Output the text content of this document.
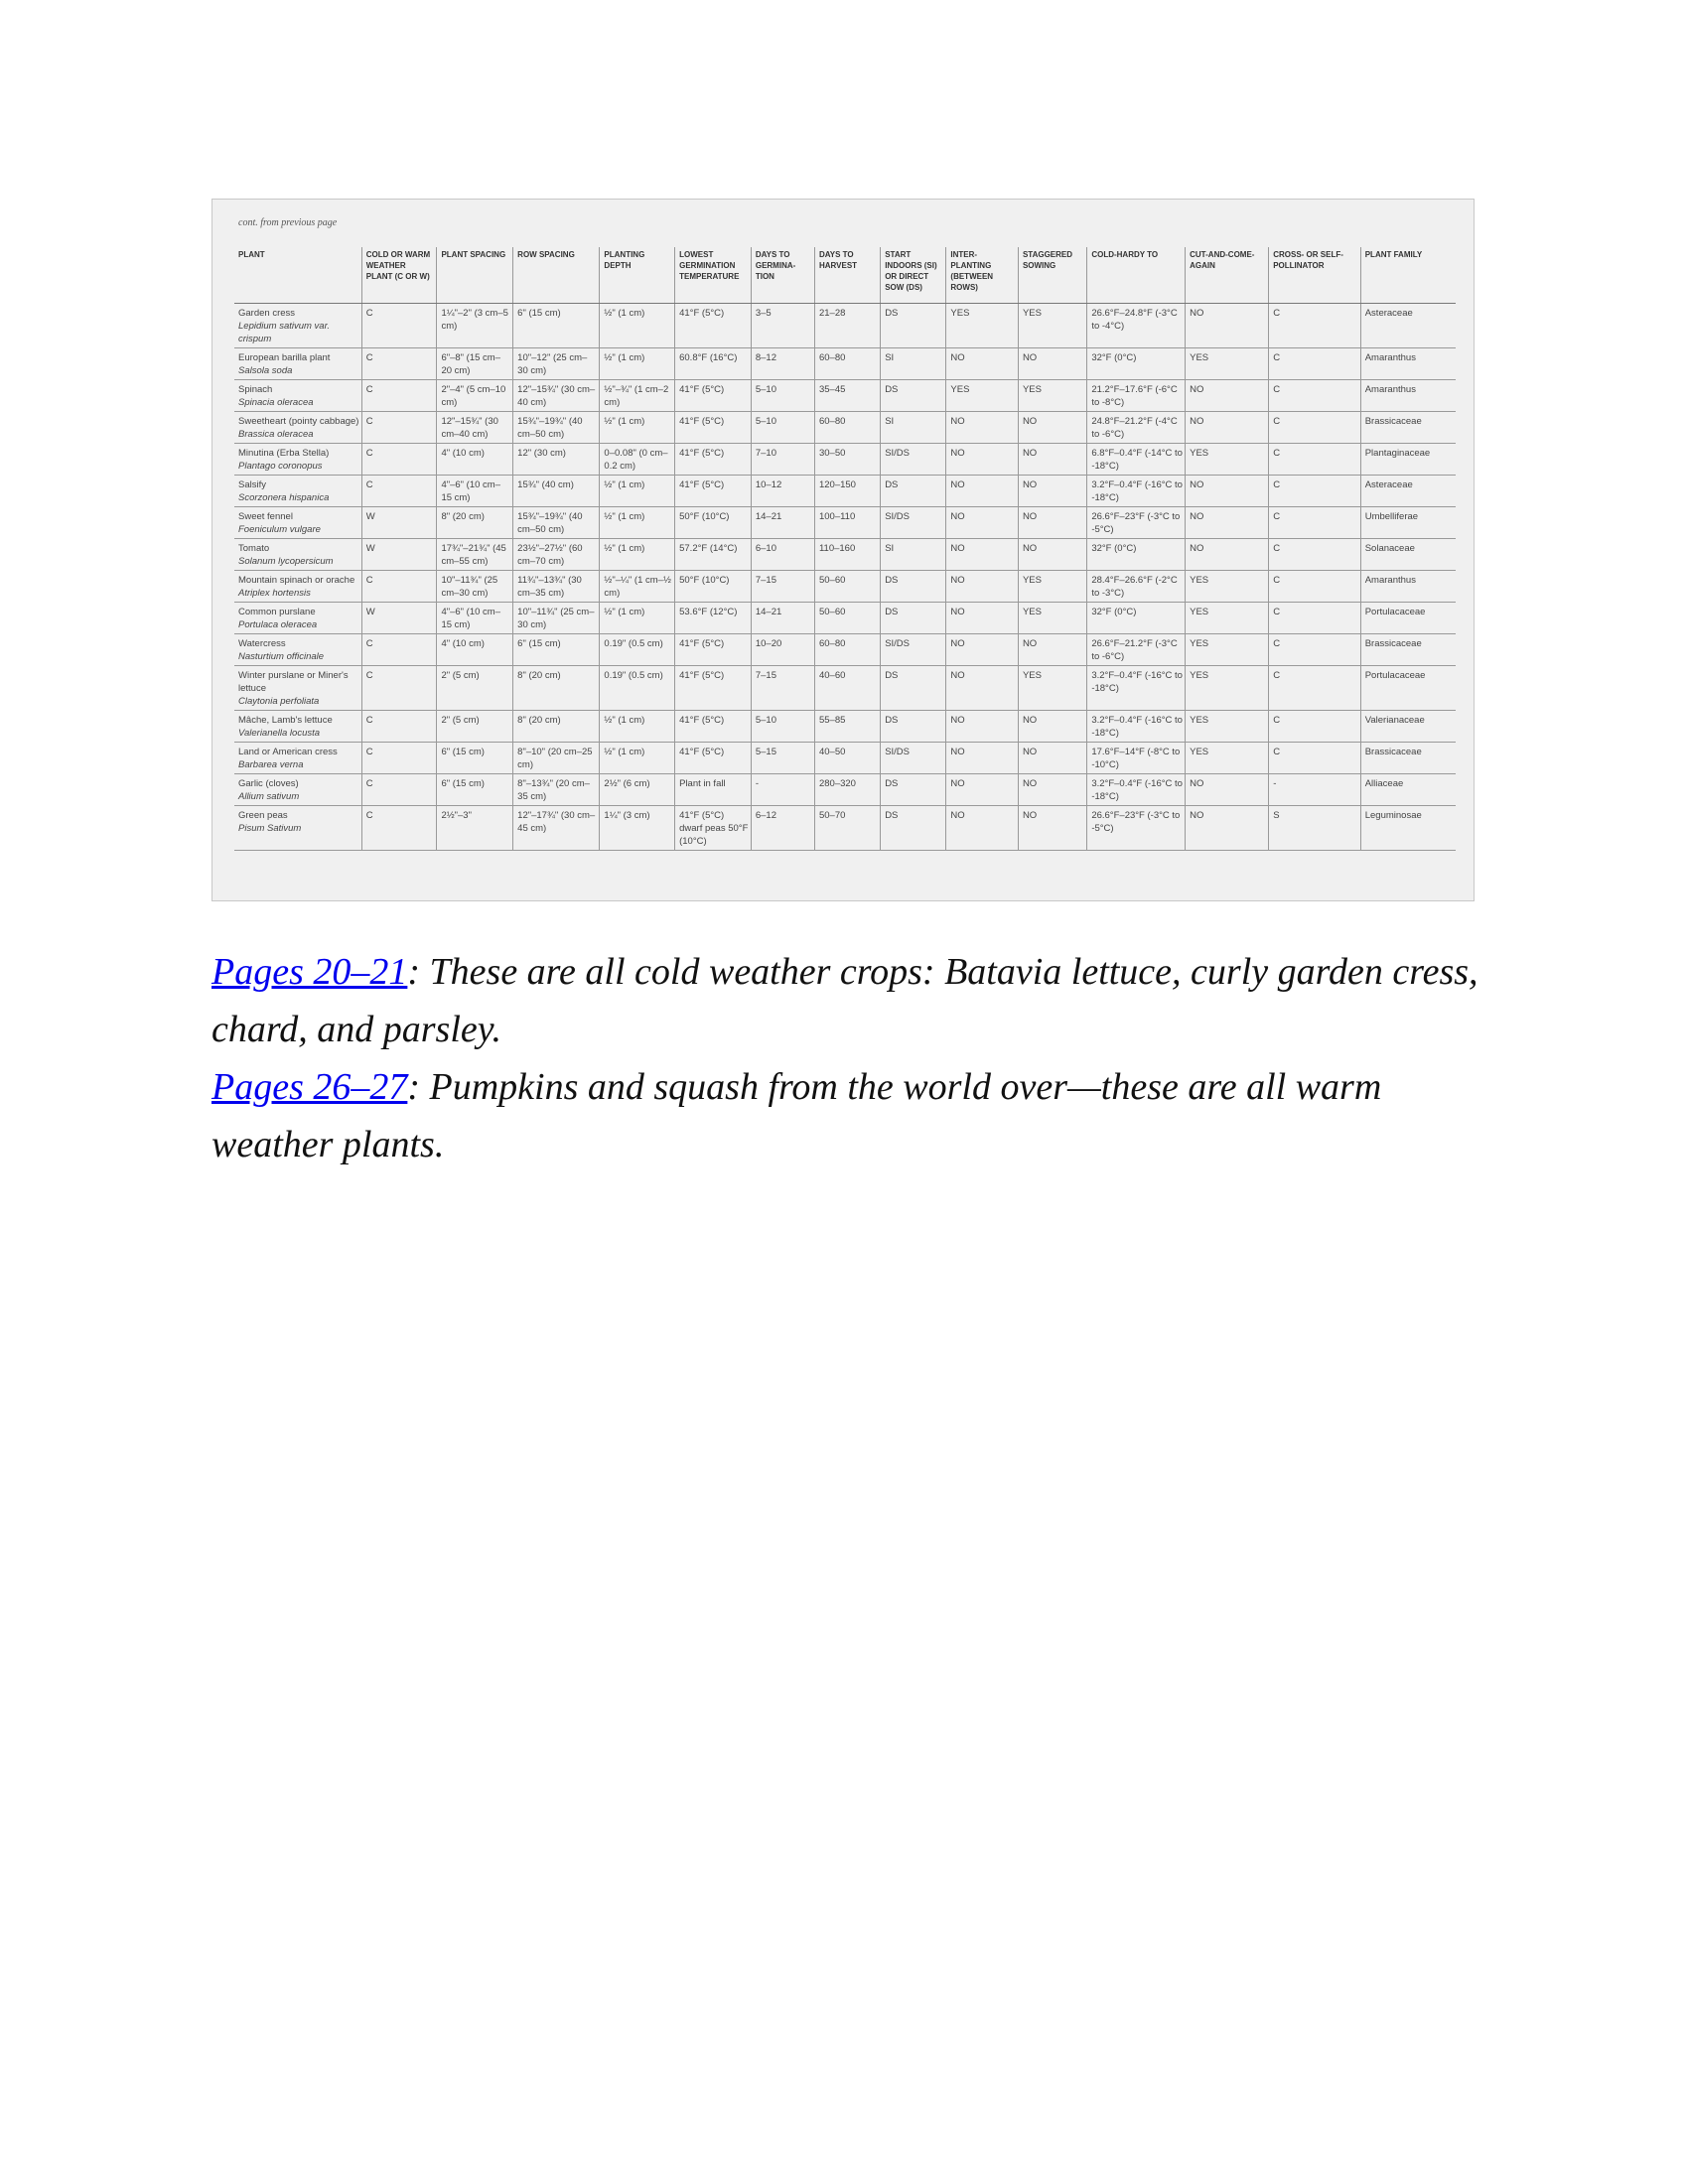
cont. from previous page
PLANT	COLD OR WARM WEATHER PLANT (C OR W)	PLANT SPACING	ROW SPACING	PLANTING DEPTH	LOWEST GERMINATION TEMPERATURE	DAYS TO GERMINA-TION	DAYS TO HARVEST	START INDOORS (SI) OR DIRECT SOW (DS)	INTER-PLANTING (BETWEEN ROWS)	STAGGERED SOWING	COLD-HARDY TO	CUT-AND-COME-AGAIN	CROSS- OR SELF-POLLINATOR	PLANT FAMILY

Garden cress
Lepidium sativum var. crispum	C	1¼"–2" (3 cm–5 cm)	6" (15 cm)	½" (1 cm)	41°F (5°C)	3–5	21–28	DS	YES	YES	26.6°F–24.8°F (-3°C to -4°C)	NO	C	Asteraceae

European barilla plant
Salsola soda	C	6"–8" (15 cm–20 cm)	10"–12" (25 cm–30 cm)	½" (1 cm)	60.8°F (16°C)	8–12	60–80	SI	NO	NO	32°F (0°C)	YES	C	Amaranthus

Spinach
Spinacia oleracea	C	2"–4" (5 cm–10 cm)	12"–15¾" (30 cm–40 cm)	½"–¾" (1 cm–2 cm)	41°F (5°C)	5–10	35–45	DS	YES	YES	21.2°F–17.6°F (-6°C to -8°C)	NO	C	Amaranthus

Sweetheart (pointy cabbage)
Brassica oleracea	C	12"–15¾" (30 cm–40 cm)	15¾"–19¾" (40 cm–50 cm)	½" (1 cm)	41°F (5°C)	5–10	60–80	SI	NO	NO	24.8°F–21.2°F (-4°C to -6°C)	NO	C	Brassicaceae

Minutina (Erba Stella)
Plantago coronopus	C	4" (10 cm)	12" (30 cm)	0–0.08" (0 cm–0.2 cm)	41°F (5°C)	7–10	30–50	SI/DS	NO	NO	6.8°F–0.4°F (-14°C to -18°C)	YES	C	Plantaginaceae

Salsify
Scorzonera hispanica	C	4"–6" (10 cm–15 cm)	15¾" (40 cm)	½" (1 cm)	41°F (5°C)	10–12	120–150	DS	NO	NO	3.2°F–0.4°F (-16°C to -18°C)	NO	C	Asteraceae

Sweet fennel
Foeniculum vulgare	W	8" (20 cm)	15¾"–19¾" (40 cm–50 cm)	½" (1 cm)	50°F (10°C)	14–21	100–110	SI/DS	NO	NO	26.6°F–23°F (-3°C to -5°C)	NO	C	Umbelliferae

Tomato
Solanum lycopersicum	W	17¾"–21¾" (45 cm–55 cm)	23½"–27½" (60 cm–70 cm)	½" (1 cm)	57.2°F (14°C)	6–10	110–160	SI	NO	NO	32°F (0°C)	NO	C	Solanaceae

Mountain spinach or orache
Atriplex hortensis	C	10"–11¾" (25 cm–30 cm)	11¾"–13¾" (30 cm–35 cm)	½"–¼" (1 cm–½ cm)	50°F (10°C)	7–15	50–60	DS	NO	YES	28.4°F–26.6°F (-2°C to -3°C)	YES	C	Amaranthus

Common purslane
Portulaca oleracea	W	4"–6" (10 cm–15 cm)	10"–11¾" (25 cm–30 cm)	½" (1 cm)	53.6°F (12°C)	14–21	50–60	DS	NO	YES	32°F (0°C)	YES	C	Portulacaceae

Watercress
Nasturtium officinale	C	4" (10 cm)	6" (15 cm)	0.19" (0.5 cm)	41°F (5°C)	10–20	60–80	SI/DS	NO	NO	26.6°F–21.2°F (-3°C to -6°C)	YES	C	Brassicaceae

Winter purslane or Miner's lettuce
Claytonia perfoliata	C	2" (5 cm)	8" (20 cm)	0.19" (0.5 cm)	41°F (5°C)	7–15	40–60	DS	NO	YES	3.2°F–0.4°F (-16°C to -18°C)	YES	C	Portulacaceae

Mâche, Lamb's lettuce
Valerianella locusta	C	2" (5 cm)	8" (20 cm)	½" (1 cm)	41°F (5°C)	5–10	55–85	DS	NO	NO	3.2°F–0.4°F (-16°C to -18°C)	YES	C	Valerianaceae

Land or American cress
Barbarea verna	C	6" (15 cm)	8"–10" (20 cm–25 cm)	½" (1 cm)	41°F (5°C)	5–15	40–50	SI/DS	NO	NO	17.6°F–14°F (-8°C to -10°C)	YES	C	Brassicaceae

Garlic (cloves)
Allium sativum	C	6" (15 cm)	8"–13¾" (20 cm–35 cm)	2½" (6 cm)	Plant in fall	-	280–320	DS	NO	NO	3.2°F–0.4°F (-16°C to -18°C)	NO	-	Alliaceae

Green peas
Pisum Sativum	C	2½"–3"	12"–17¾" (30 cm–45 cm)	1¼" (3 cm)	41°F (5°C) dwarf peas 50°F (10°C)	6–12	50–70	DS	NO	NO	26.6°F–23°F (-3°C to -5°C)	NO	S	Leguminosae

Pages 20–21: These are all cold weather crops: Batavia lettuce, curly garden cress, chard, and parsley.

Pages 26–27: Pumpkins and squash from the world over—these are all warm weather plants.
